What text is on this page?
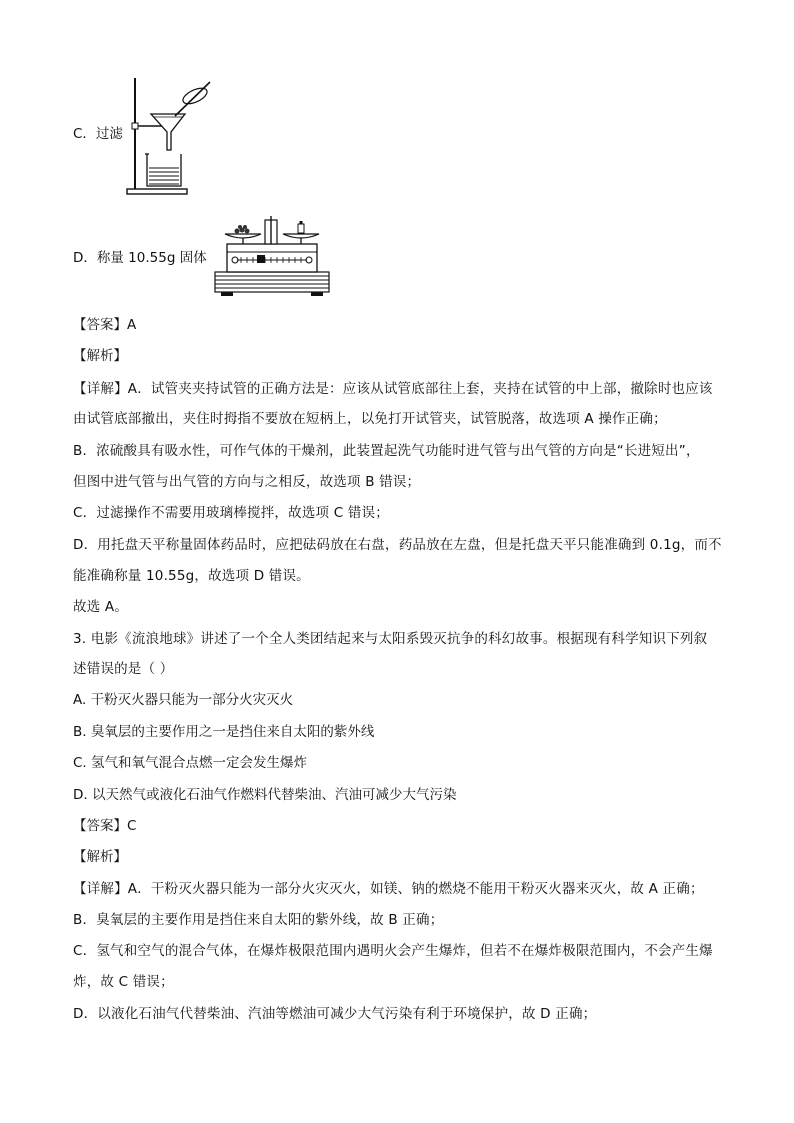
C．过滤
D．称量 10.55g 固体
【答案】A
【解析】
【详解】A．试管夹夹持试管的正确方法是：应该从试管底部往上套，夹持在试管的中上部，撤除时也应该
由试管底部撤出，夹住时拇指不要放在短柄上，以免打开试管夹，试管脱落，故选项 A 操作正确；
B．浓硫酸具有吸水性，可作气体的干燥剂，此装置起洗气功能时进气管与出气管的方向是“长进短出”，
但图中进气管与出气管的方向与之相反，故选项 B 错误；
C．过滤操作不需要用玻璃棒搅拌，故选项 C 错误；
D．用托盘天平称量固体药品时，应把砝码放在右盘，药品放在左盘，但是托盘天平只能准确到 0.1g，而不
能准确称量 10.55g，故选项 D 错误。
故选 A。
3. 电影《流浪地球》讲述了一个全人类团结起来与太阳系毁灭抗争的科幻故事。根据现有科学知识下列叙
述错误的是（ ）
A. 干粉灭火器只能为一部分火灾灭火
B. 臭氧层的主要作用之一是挡住来自太阳的紫外线
C. 氢气和氧气混合点燃一定会发生爆炸
D. 以天然气或液化石油气作燃料代替柴油、汽油可减少大气污染
【答案】C
【解析】
【详解】A．干粉灭火器只能为一部分火灾灭火，如镁、钠的燃烧不能用干粉灭火器来灭火，故 A 正确；
B．臭氧层的主要作用是挡住来自太阳的紫外线，故 B 正确；
C．氢气和空气的混合气体，在爆炸极限范围内遇明火会产生爆炸，但若不在爆炸极限范围内，不会产生爆
炸，故 C 错误；
D．以液化石油气代替柴油、汽油等燃油可减少大气污染有利于环境保护，故 D 正确；
